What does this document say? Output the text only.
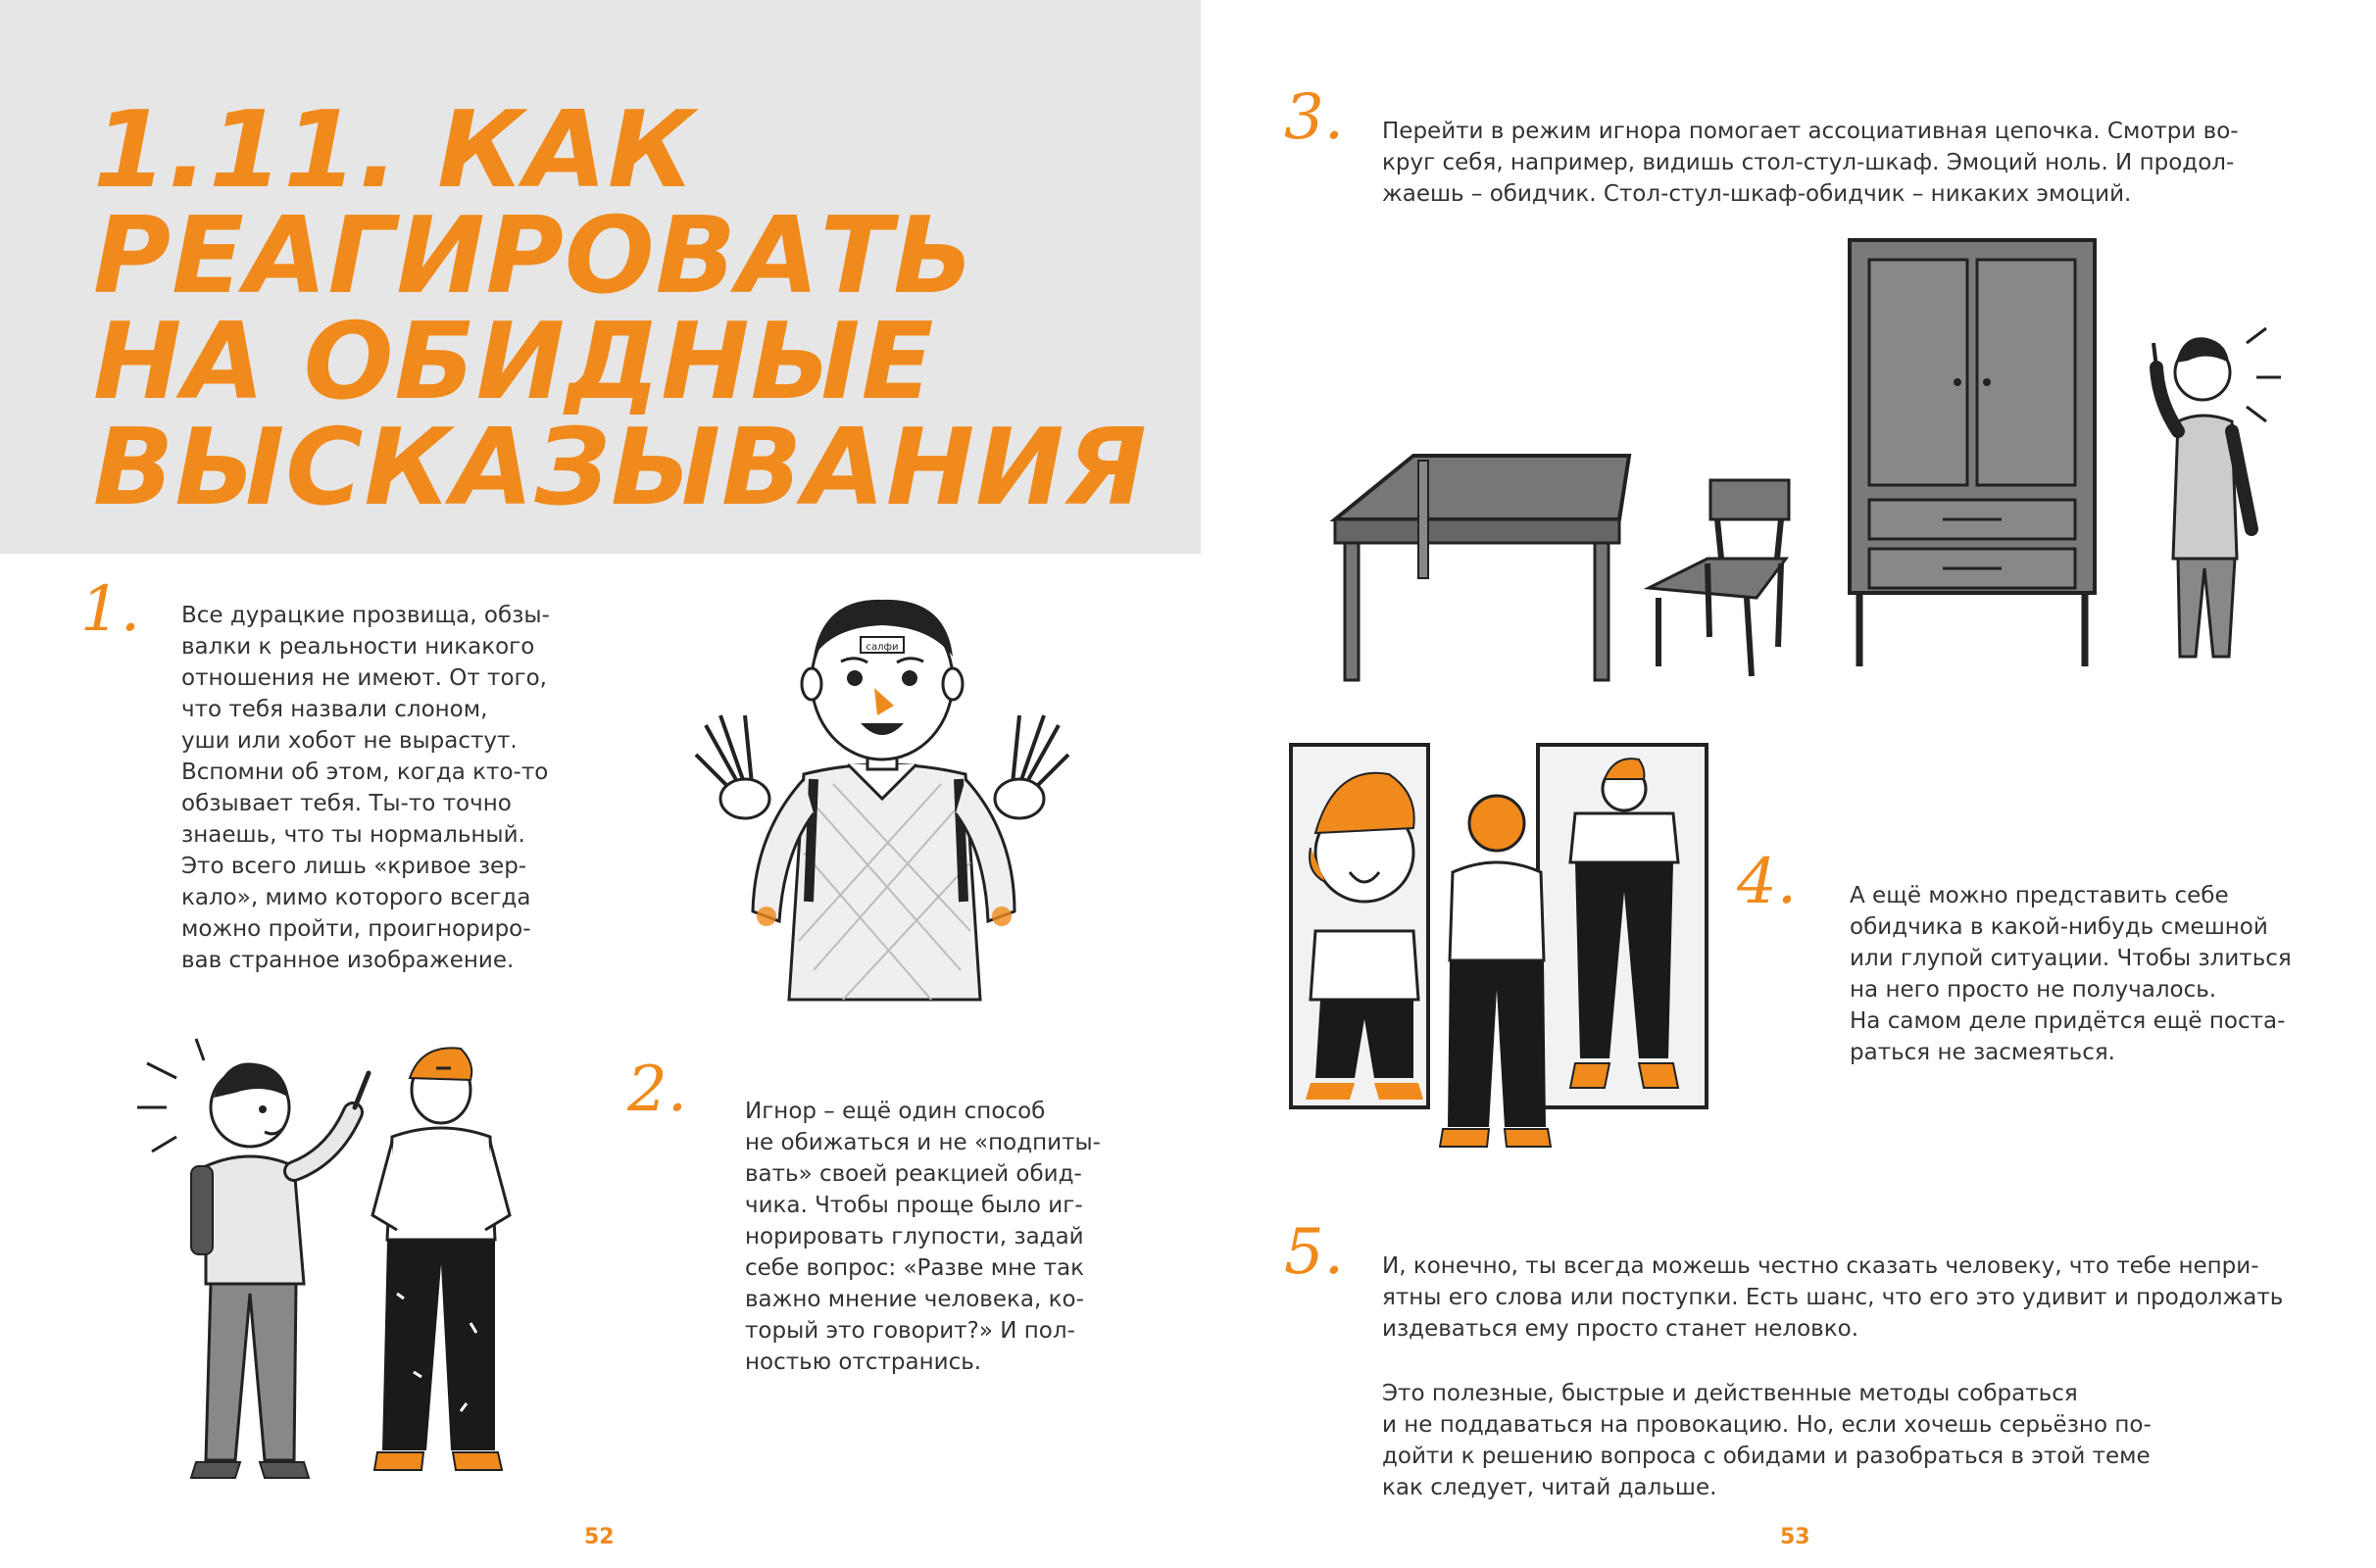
1.11. КАК
РЕАГИРОВАТЬ
НА ОБИДНЫЕ
ВЫСКАЗЫВАНИЯ
1. Все дурацкие прозвища, обзы-
валки к реальности никакого
отношения не имеют. От того,
что тебя назвали слоном,
уши или хобот не вырастут.
Вспомни об этом, когда кто-то
обзывает тебя. Ты-то точно
знаешь, что ты нормальный.
Это всего лишь «кривое зер-
кало», мимо которого всегда
можно пройти, проигнориро-
вав странное изображение.

салфи
2.	Игнор – ещё один способ
не обижаться и не «подпиты-
вать» своей реакцией обид-
чика. Чтобы проще было иг-
норировать глупости, задай
себе вопрос: «Разве мне так
важно мнение человека, ко-
торый это говорит?» И пол-
ностью отстранись.

52
3. Перейти в режим игнора помогает ассоциативная цепочка. Смотри во-
круг себя, например, видишь стол-стул-шкаф. Эмоций ноль. И продол-
жаешь – обидчик. Стол-стул-шкаф-обидчик – никаких эмоций.

4. А ещё можно представить себе
обидчика в какой-нибудь смешной
или глупой ситуации. Чтобы злиться
на него просто не получалось.
На самом деле придётся ещё поста-
раться не засмеяться.

5. И, конечно, ты всегда можешь честно сказать человеку, что тебе непри-
ятны его слова или поступки. Есть шанс, что его это удивит и продолжать
издеваться ему просто станет неловко.

Это полезные, быстрые и действенные методы собраться
и не поддаваться на провокацию. Но, если хочешь серьёзно по-
дойти к решению вопроса с обидами и разобраться в этой теме
как следует, читай дальше.

53
